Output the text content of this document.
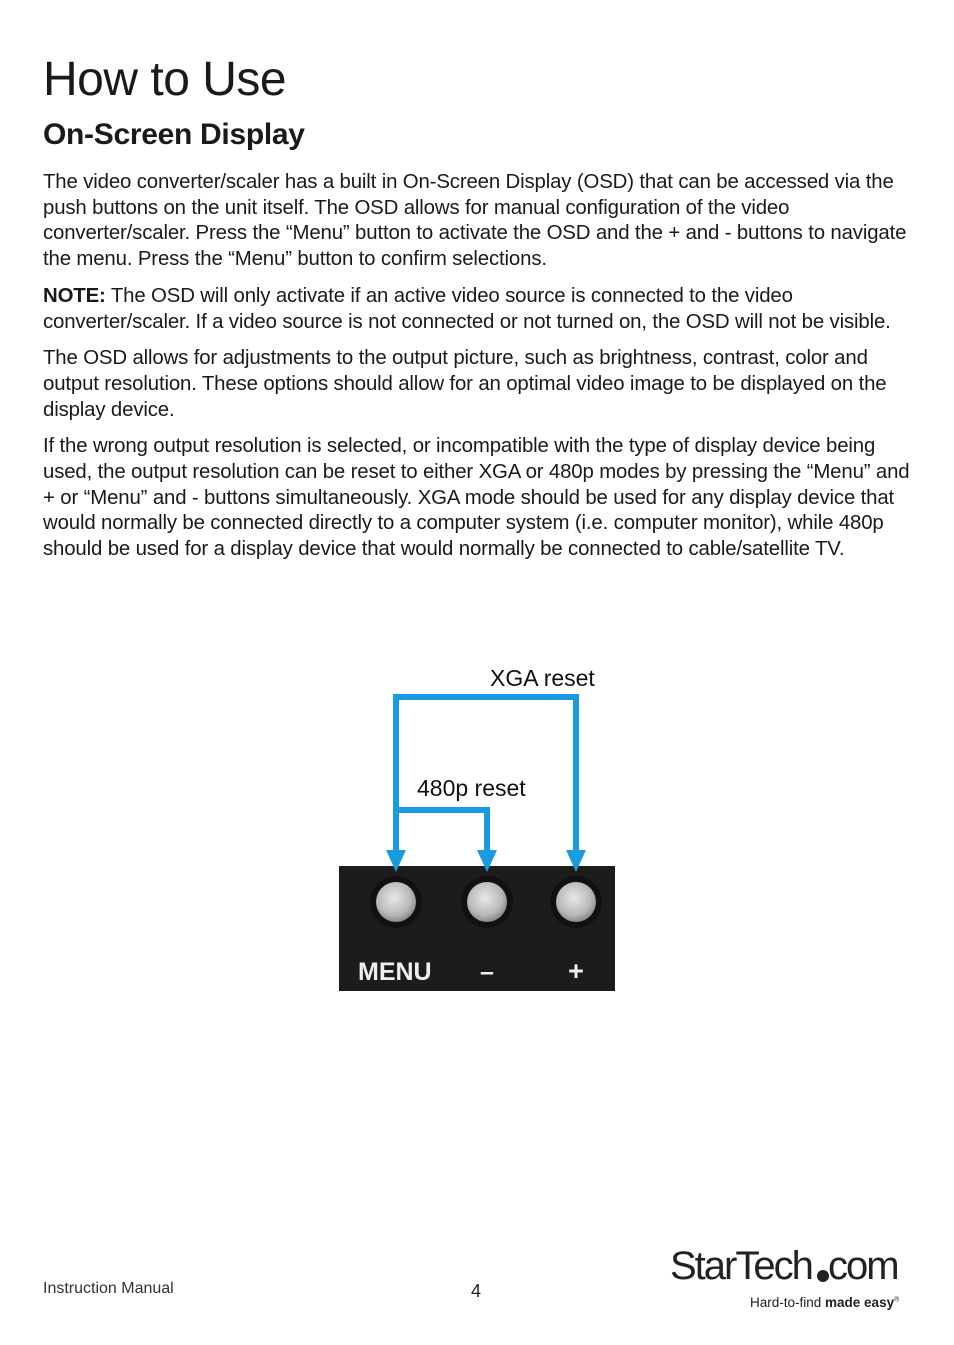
How to Use
On-Screen Display

The video converter/scaler has a built in On-Screen Display (OSD) that can be accessed via the push buttons on the unit itself. The OSD allows for manual configuration of the video converter/scaler. Press the “Menu” button to activate the OSD and the + and - buttons to navigate the menu. Press the “Menu” button to confirm selections.

NOTE: The OSD will only activate if an active video source is connected to the video converter/scaler. If a video source is not connected or not turned on, the OSD will not be visible.

The OSD allows for adjustments to the output picture, such as brightness, contrast, color and output resolution. These options should allow for an optimal video image to be displayed on the display device.

If the wrong output resolution is selected, or incompatible with the type of display device being used, the output resolution can be reset to either XGA or 480p modes by pressing the “Menu” and + or “Menu” and - buttons simultaneously. XGA mode should be used for any display device that would normally be connected directly to a computer system (i.e. computer monitor), while 480p should be used for a display device that would normally be connected to cable/satellite TV.

XGA reset
480p reset
MENU –	+
Instruction Manual	4
StarTech com
Hard-to-find made easy®
